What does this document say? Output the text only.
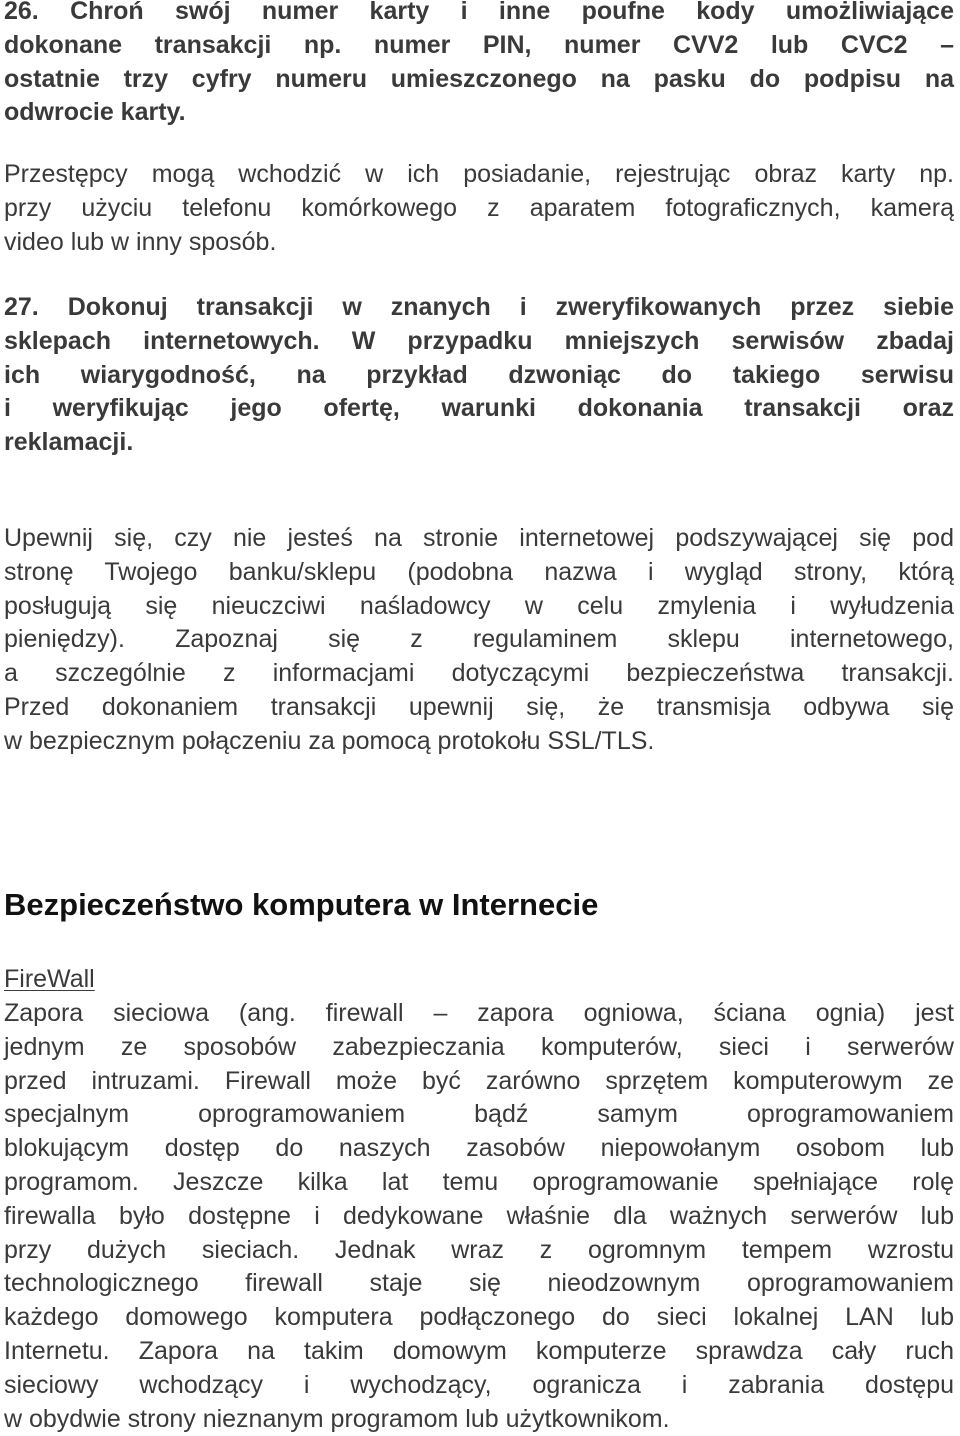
26. Chroń swój numer karty i inne poufne kody umożliwiające
dokonane transakcji np. numer PIN, numer CVV2 lub CVC2 –
ostatnie trzy cyfry numeru umieszczonego na pasku do podpisu na
odwrocie karty.

Przestępcy mogą wchodzić w ich posiadanie, rejestrując obraz karty np.
przy użyciu telefonu komórkowego z aparatem fotograficznych, kamerą
video lub w inny sposób.

27. Dokonuj transakcji w znanych i zweryfikowanych przez siebie
sklepach internetowych. W przypadku mniejszych serwisów zbadaj
ich wiarygodność, na przykład dzwoniąc do takiego serwisu
i weryfikując jego ofertę, warunki dokonania transakcji oraz
reklamacji.

Upewnij się, czy nie jesteś na stronie internetowej podszywającej się pod
stronę Twojego banku/sklepu (podobna nazwa i wygląd strony, którą
posługują się nieuczciwi naśladowcy w celu zmylenia i wyłudzenia
pieniędzy). Zapoznaj się z regulaminem sklepu internetowego,
a szczególnie z informacjami dotyczącymi bezpieczeństwa transakcji.
Przed dokonaniem transakcji upewnij się, że transmisja odbywa się
w bezpiecznym połączeniu za pomocą protokołu SSL/TLS.

Bezpieczeństwo komputera w Internecie
FireWall

Zapora sieciowa (ang. firewall – zapora ogniowa, ściana ognia) jest
jednym ze sposobów zabezpieczania komputerów, sieci i serwerów
przed intruzami. Firewall może być zarówno sprzętem komputerowym ze
specjalnym oprogramowaniem bądź samym oprogramowaniem
blokującym dostęp do naszych zasobów niepowołanym osobom lub
programom. Jeszcze kilka lat temu oprogramowanie spełniające rolę
firewalla było dostępne i dedykowane właśnie dla ważnych serwerów lub
przy dużych sieciach. Jednak wraz z ogromnym tempem wzrostu
technologicznego firewall staje się nieodzownym oprogramowaniem
każdego domowego komputera podłączonego do sieci lokalnej LAN lub
Internetu. Zapora na takim domowym komputerze sprawdza cały ruch
sieciowy wchodzący i wychodzący, ogranicza i zabrania dostępu
w obydwie strony nieznanym programom lub użytkownikom.
